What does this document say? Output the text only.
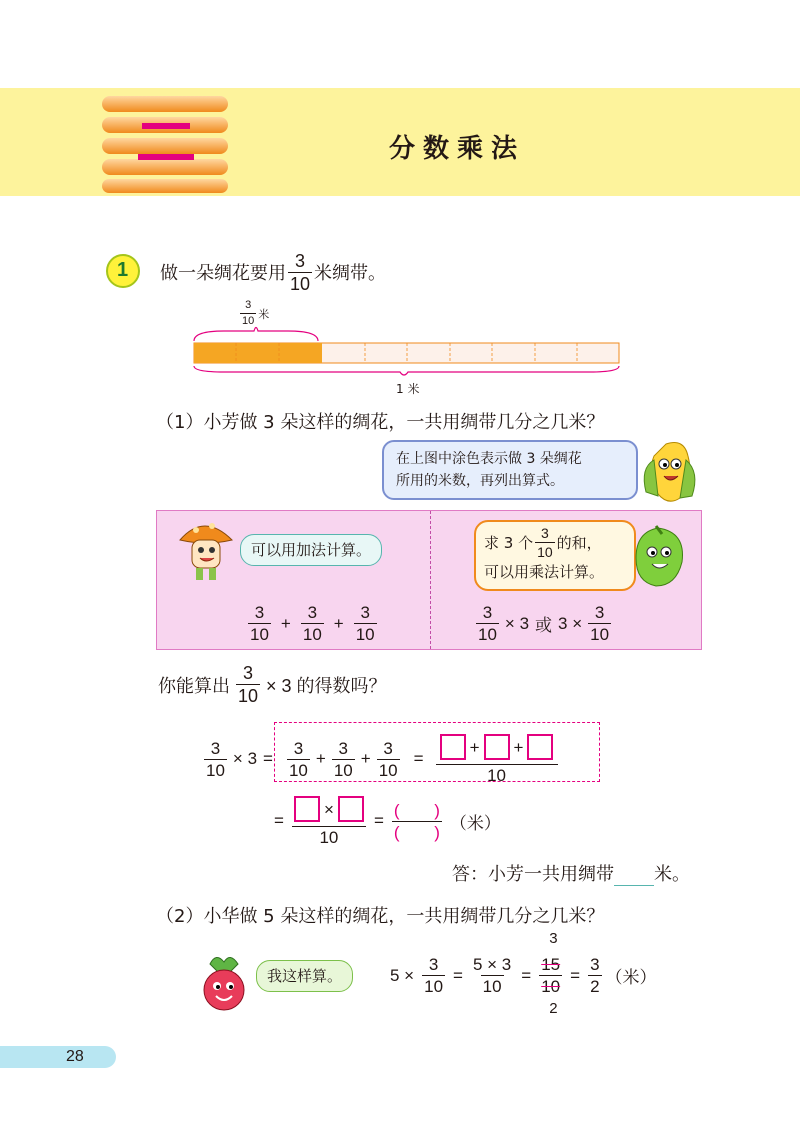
分数乘法
1 做一朵绸花要用 $\frac{3}{10}$ 米绸带。
$\frac{3}{10}$ 米
1 米
（1）小芳做 3 朵这样的绸花，一共用绸带几分之几米？
在上图中涂色表示做 3 朵绸花
所用的米数，再列出算式。
可以用加法计算。
$\frac{3}{10} + \frac{3}{10} + \frac{3}{10}$
求 3 个 $\frac{3}{10}$ 的和，
可以用乘法计算。
$\frac{3}{10} \times 3$ 或 $3 \times \frac{3}{10}$
你能算出 $\frac{3}{10} \times 3$ 的得数吗？
$\frac{3}{10} \times 3 = \frac{3}{10} + \frac{3}{10} + \frac{3}{10} = \frac{+ +}{10}$
= $\frac{\times}{10} = \frac{( )}{( )}$ （米）
答：小芳一共用绸带 米。
（2）小华做 5 朵这样的绸花，一共用绸带几分之几米？
我这样算。	$5 \times \frac{3}{10} = \frac{5 \times 3}{10}$ =
3
$\frac{15}{10}$
2
= $\frac{3}{2}$ （米）
28
